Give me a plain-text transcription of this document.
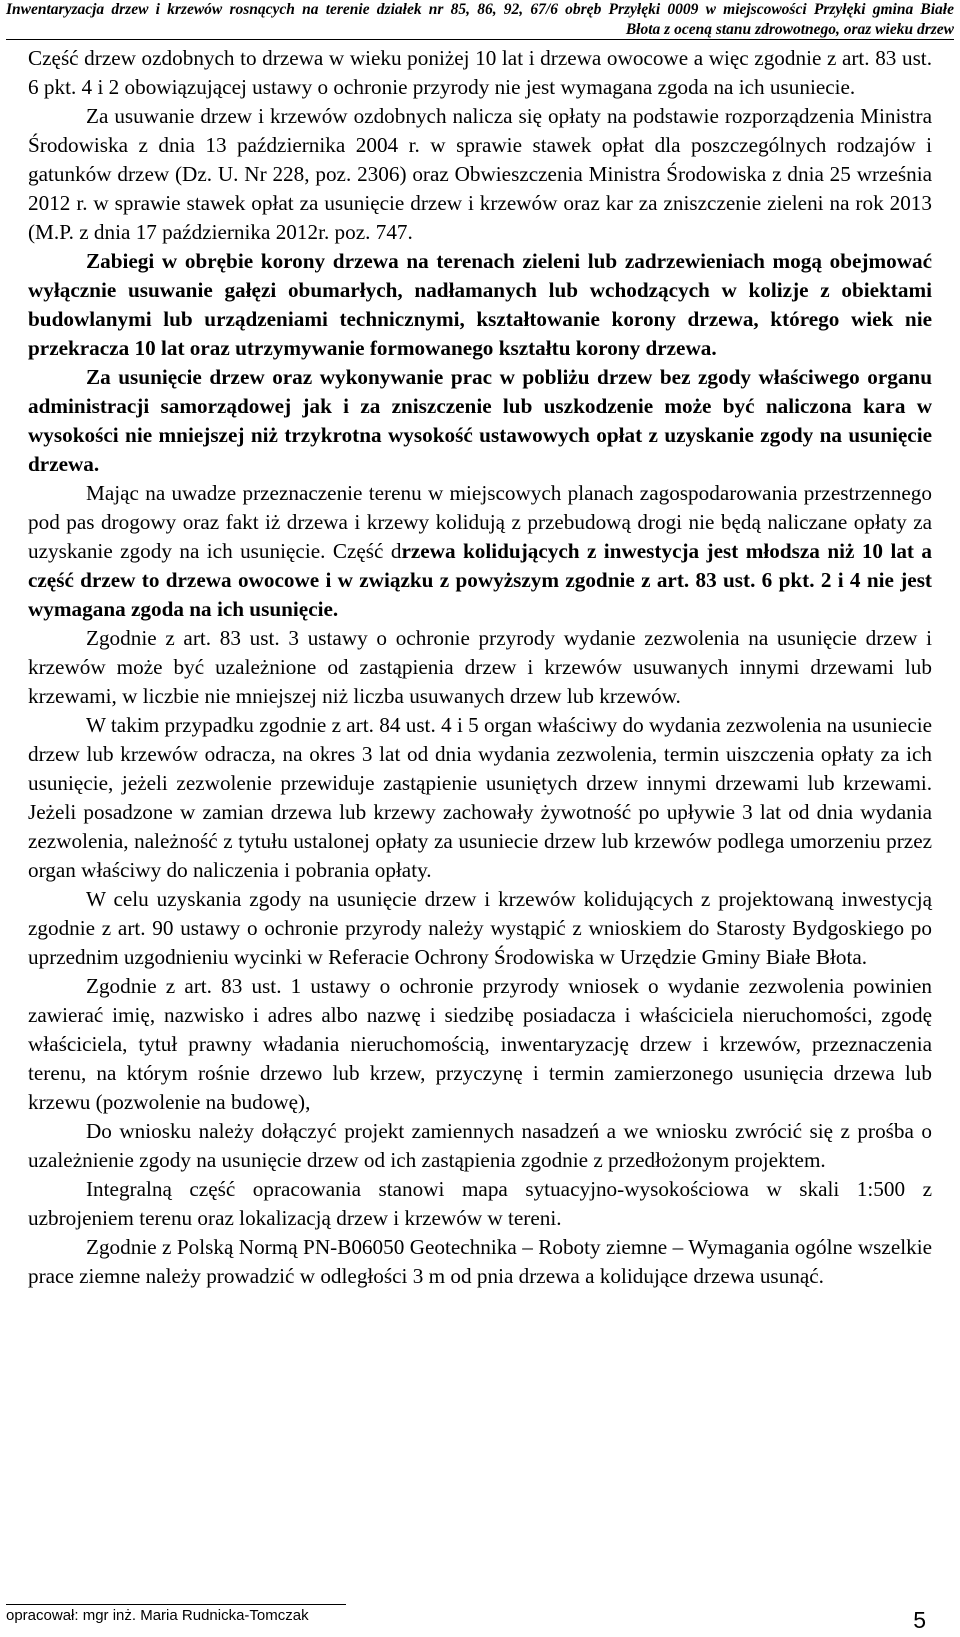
Inwentaryzacja drzew i krzewów rosnących na terenie działek nr 85, 86, 92, 67/6 obręb Przyłęki 0009 w miejscowości Przyłęki gmina Białe
Błota z oceną stanu zdrowotnego, oraz wieku drzew

Część drzew ozdobnych to drzewa w wieku poniżej 10 lat i drzewa owocowe a więc zgodnie z art. 83 ust. 6 pkt. 4 i 2 obowiązującej ustawy o ochronie przyrody nie jest wymagana zgoda na ich usuniecie.

Za usuwanie drzew i krzewów ozdobnych nalicza się opłaty na podstawie rozporządzenia Ministra Środowiska z dnia 13 października 2004 r. w sprawie stawek opłat dla poszczególnych rodzajów i gatunków drzew (Dz. U. Nr 228, poz. 2306) oraz Obwieszczenia Ministra Środowiska z dnia 25 września 2012 r. w sprawie stawek opłat za usunięcie drzew i krzewów oraz kar za zniszczenie zieleni na rok 2013 (M.P. z dnia 17 października 2012r. poz. 747.

Zabiegi w obrębie korony drzewa na terenach zieleni lub zadrzewieniach mogą obejmować wyłącznie usuwanie gałęzi obumarłych, nadłamanych lub wchodzących w kolizje z obiektami budowlanymi lub urządzeniami technicznymi, kształtowanie korony drzewa, którego wiek nie przekracza 10 lat oraz utrzymywanie formowanego kształtu korony drzewa.

Za usunięcie drzew oraz wykonywanie prac w pobliżu drzew bez zgody właściwego organu administracji samorządowej jak i za zniszczenie lub uszkodzenie może być naliczona kara w wysokości nie mniejszej niż trzykrotna wysokość ustawowych opłat z uzyskanie zgody na usunięcie drzewa.

Mając na uwadze przeznaczenie terenu w miejscowych planach zagospodarowania przestrzennego pod pas drogowy oraz fakt iż drzewa i krzewy kolidują z przebudową drogi nie będą naliczane opłaty za uzyskanie zgody na ich usunięcie. Część drzewa kolidujących z inwestycja jest młodsza niż 10 lat a część drzew to drzewa owocowe i w związku z powyższym zgodnie z art. 83 ust. 6 pkt. 2 i 4 nie jest wymagana zgoda na ich usunięcie.

Zgodnie z art. 83 ust. 3 ustawy o ochronie przyrody wydanie zezwolenia na usunięcie drzew i krzewów może być uzależnione od zastąpienia drzew i krzewów usuwanych innymi drzewami lub krzewami, w liczbie nie mniejszej niż liczba usuwanych drzew lub krzewów.

W takim przypadku zgodnie z art. 84 ust. 4 i 5 organ właściwy do wydania zezwolenia na usuniecie drzew lub krzewów odracza, na okres 3 lat od dnia wydania zezwolenia, termin uiszczenia opłaty za ich usunięcie, jeżeli zezwolenie przewiduje zastąpienie usuniętych drzew innymi drzewami lub krzewami. Jeżeli posadzone w zamian drzewa lub krzewy zachowały żywotność po upływie 3 lat od dnia wydania zezwolenia, należność z tytułu ustalonej opłaty za usuniecie drzew lub krzewów podlega umorzeniu przez organ właściwy do naliczenia i pobrania opłaty.

W celu uzyskania zgody na usunięcie drzew i krzewów kolidujących z projektowaną inwestycją zgodnie z art. 90 ustawy o ochronie przyrody należy wystąpić z wnioskiem do Starosty Bydgoskiego po uprzednim uzgodnieniu wycinki w Referacie Ochrony Środowiska w Urzędzie Gminy Białe Błota.

Zgodnie z art. 83 ust. 1 ustawy o ochronie przyrody wniosek o wydanie zezwolenia powinien zawierać imię, nazwisko i adres albo nazwę i siedzibę posiadacza i właściciela nieruchomości, zgodę właściciela, tytuł prawny władania nieruchomością, inwentaryzację drzew i krzewów, przeznaczenia terenu, na którym rośnie drzewo lub krzew, przyczynę i termin zamierzonego usunięcia drzewa lub krzewu (pozwolenie na budowę),

Do wniosku należy dołączyć projekt zamiennych nasadzeń a we wniosku zwrócić się z prośba o uzależnienie zgody na usunięcie drzew od ich zastąpienia zgodnie z przedłożonym projektem.

Integralną część opracowania stanowi mapa sytuacyjno-wysokościowa w skali 1:500 z uzbrojeniem terenu oraz lokalizacją drzew i krzewów w tereni.

Zgodnie z Polską Normą PN-B06050 Geotechnika – Roboty ziemne – Wymagania ogólne wszelkie prace ziemne należy prowadzić w odległości 3 m od pnia drzewa a kolidujące drzewa usunąć.

opracował: mgr inż. Maria Rudnicka-Tomczak	5
